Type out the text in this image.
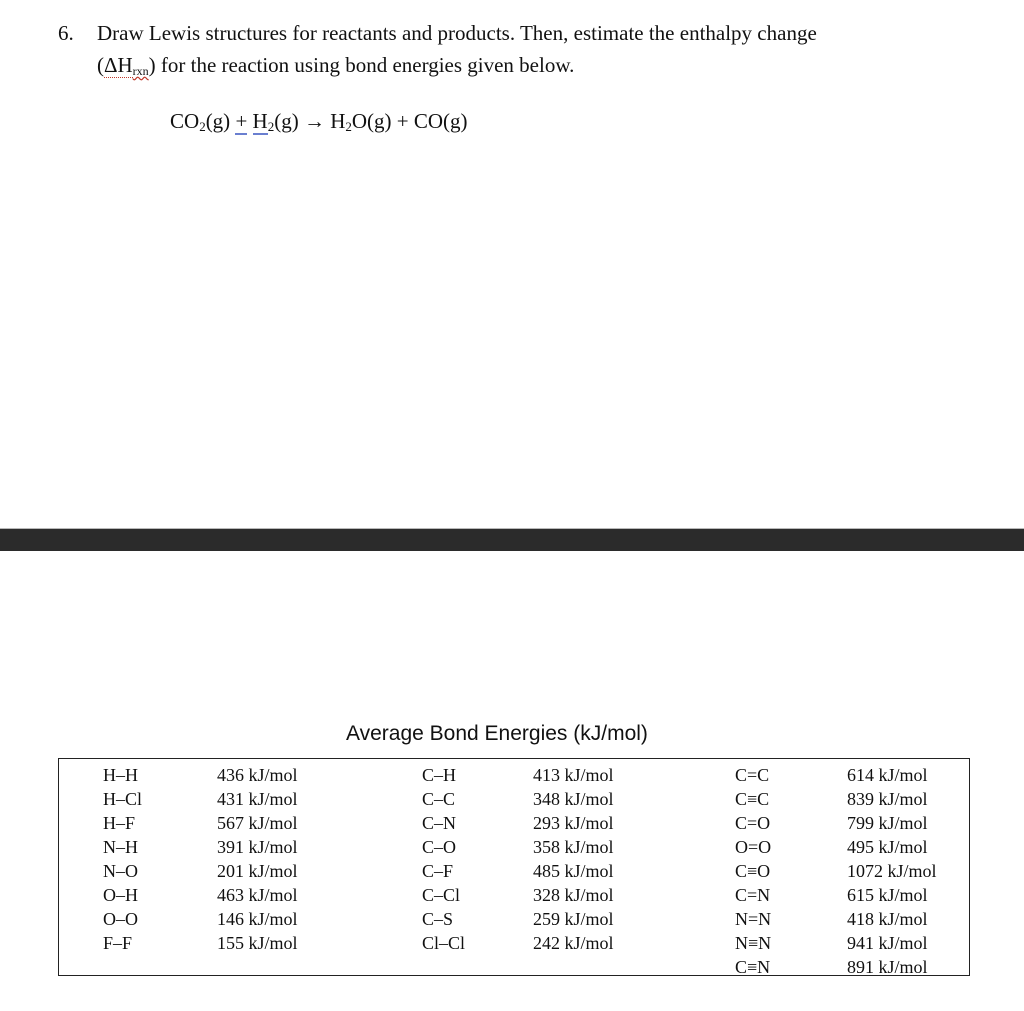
6. Draw Lewis structures for reactants and products. Then, estimate the enthalpy change
(ΔHrxn) for the reaction using bond energies given below.
$CO_2(g) + H_2(g) \to H_2O(g) + CO(g)$
Average Bond Energies (kJ/mol)
H–H
H–Cl
H–F
N–H
N–O
O–H
O–O
F–F
436 kJ/mol
431 kJ/mol
567 kJ/mol
391 kJ/mol
201 kJ/mol
463 kJ/mol
146 kJ/mol
155 kJ/mol
C–H
C–C
C–N
C–O
C–F
C–Cl
C–S
Cl–Cl
413 kJ/mol
348 kJ/mol
293 kJ/mol
358 kJ/mol
485 kJ/mol
328 kJ/mol
259 kJ/mol
242 kJ/mol
C=C
C≡C
C=O
O=O
C≡O
C=N
N=N
N≡N
C≡N
614 kJ/mol
839 kJ/mol
799 kJ/mol
495 kJ/mol
1072 kJ/mol
615 kJ/mol
418 kJ/mol
941 kJ/mol
891 kJ/mol
